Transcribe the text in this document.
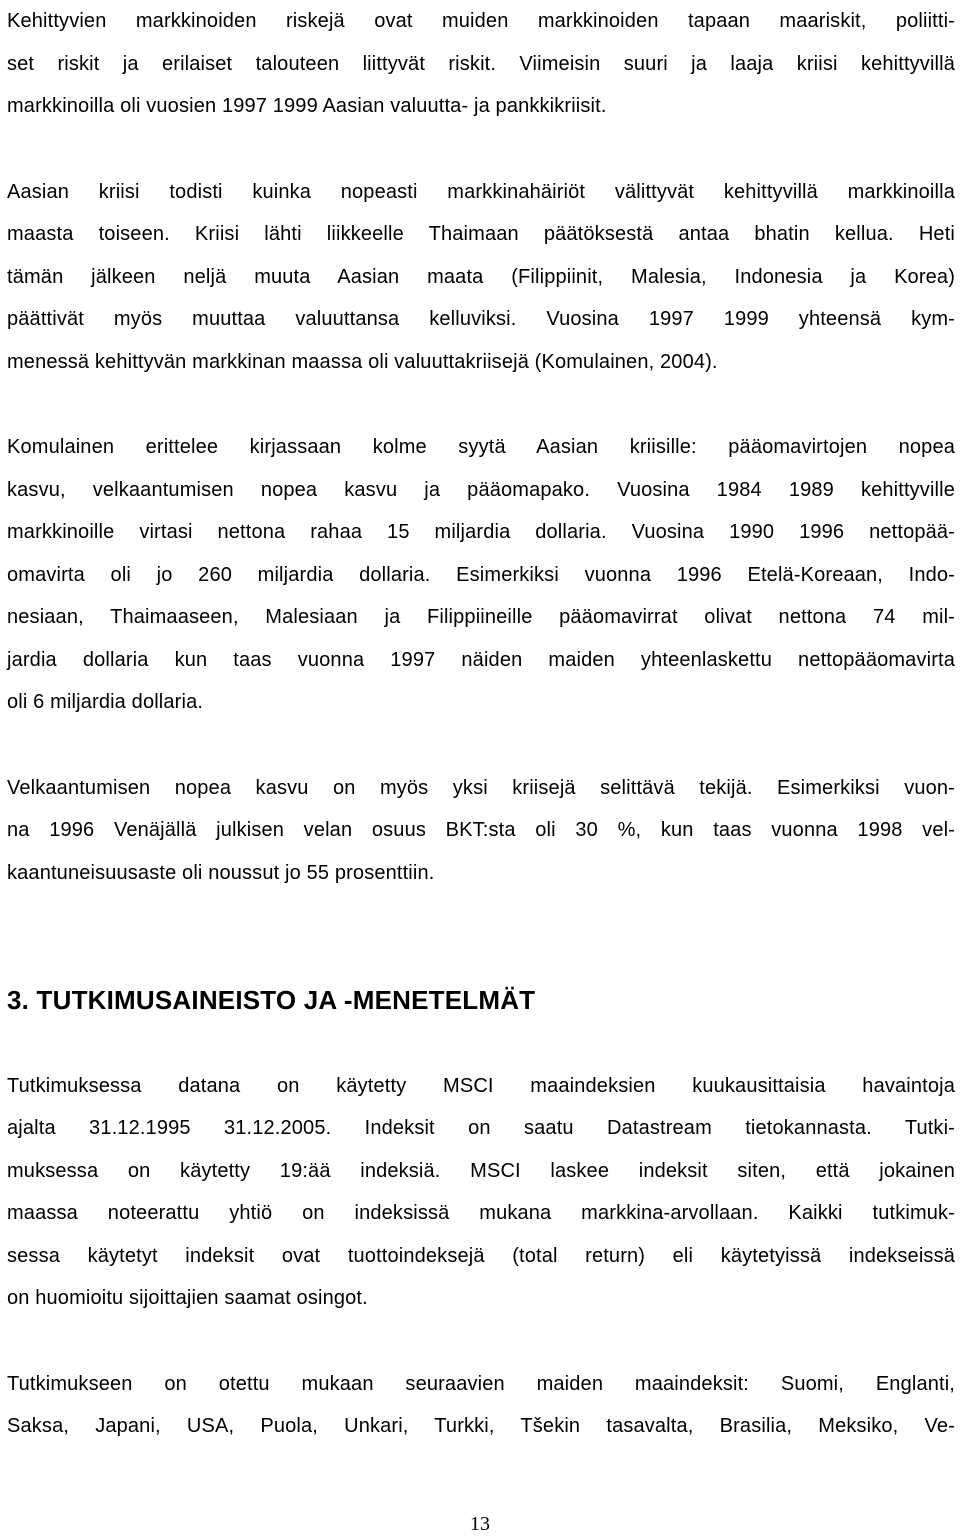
Kehittyvien markkinoiden riskejä ovat muiden markkinoiden tapaan maariskit, poliitti-
set riskit ja erilaiset talouteen liittyvät riskit. Viimeisin suuri ja laaja kriisi kehittyvillä
markkinoilla oli vuosien 1997 1999 Aasian valuutta- ja pankkikriisit.
Aasian kriisi todisti kuinka nopeasti markkinahäiriöt välittyvät kehittyvillä markkinoilla
maasta toiseen. Kriisi lähti liikkeelle Thaimaan päätöksestä antaa bhatin kellua. Heti
tämän jälkeen neljä muuta Aasian maata (Filippiinit, Malesia, Indonesia ja Korea)
päättivät myös muuttaa valuuttansa kelluviksi. Vuosina 1997 1999 yhteensä kym-
menessä kehittyvän markkinan maassa oli valuuttakriisejä (Komulainen, 2004).
Komulainen erittelee kirjassaan kolme syytä Aasian kriisille: pääomavirtojen nopea
kasvu, velkaantumisen nopea kasvu ja pääomapako. Vuosina 1984 1989 kehittyville
markkinoille virtasi nettona rahaa 15 miljardia dollaria. Vuosina 1990 1996 nettopää-
omavirta oli jo 260 miljardia dollaria. Esimerkiksi vuonna 1996 Etelä-Koreaan, Indo-
nesiaan, Thaimaaseen, Malesiaan ja Filippiineille pääomavirrat olivat nettona 74 mil-
jardia dollaria kun taas vuonna 1997 näiden maiden yhteenlaskettu nettopääomavirta
oli 6 miljardia dollaria.
Velkaantumisen nopea kasvu on myös yksi kriisejä selittävä tekijä. Esimerkiksi vuon-
na 1996 Venäjällä julkisen velan osuus BKT:sta oli 30 %, kun taas vuonna 1998 vel-
kaantuneisuusaste oli noussut jo 55 prosenttiin.
3. TUTKIMUSAINEISTO JA -MENETELMÄT
Tutkimuksessa datana on käytetty MSCI maaindeksien kuukausittaisia havaintoja
ajalta 31.12.1995 31.12.2005. Indeksit on saatu Datastream tietokannasta. Tutki-
muksessa on käytetty 19:ää indeksiä. MSCI laskee indeksit siten, että jokainen
maassa noteerattu yhtiö on indeksissä mukana markkina-arvollaan. Kaikki tutkimuk-
sessa käytetyt indeksit ovat tuottoindeksejä (total return) eli käytetyissä indekseissä
on huomioitu sijoittajien saamat osingot.
Tutkimukseen on otettu mukaan seuraavien maiden maaindeksit: Suomi, Englanti,
Saksa, Japani, USA, Puola, Unkari, Turkki, Tšekin tasavalta, Brasilia, Meksiko, Ve-
13
